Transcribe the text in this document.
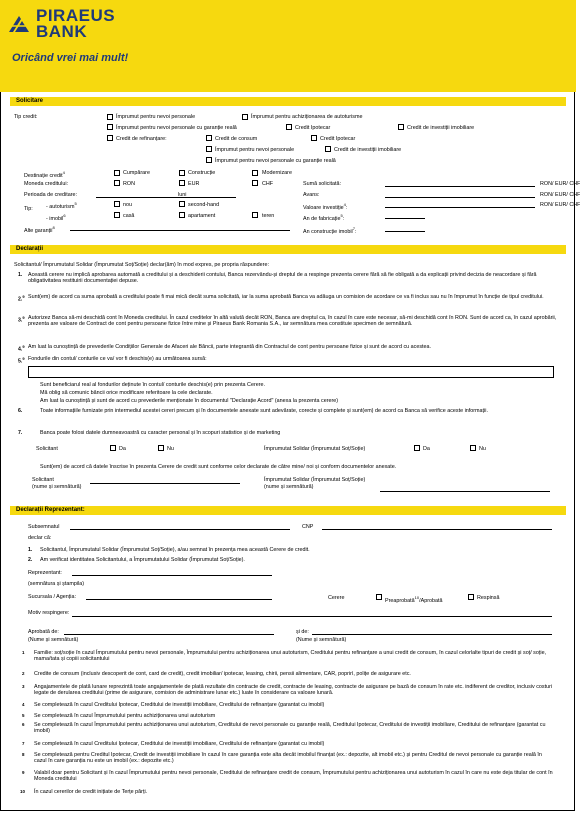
PIRAEUS
BANK
Oricând vrei mai mult!
Solicitare
Tip credit:	Împrumut pentru nevoi personale	Împrumut pentru achiziționarea de autoturisme
Împrumut pentru nevoi personale cu garanție reală	Credit Ipotecar	Credit de investiții imobiliare
Credit de refinanțare:	Credit de consum	Credit Ipotecar
Împrumut pentru nevoi personale	Credit de investiții imobiliare
Împrumut pentru nevoi personale cu garanție reală
Destinație credit$^4$	Cumpărare	Construcție	Modernizare
Moneda creditului:	RON	EUR	CHF
Perioada de creditare:	luni
Tip: - autoturism$^5$	nou	second-hand
- imobil$^6$	casă	apartament	teren
Alte garanții$^8$
Sumă solicitată:	RON/ EUR/ CHF
Avans:	RON/ EUR/ CHF
Valoare investiție$^4$:	RON/ EUR/ CHF
An de fabricație$^5$:
An construcție imobil$^7$:
Declarații
Solicitantul/ Împrumutatul Solidar (Împrumutat Soț/Soție) declar(ăm) în mod expres, pe propria răspundere:
1. Această cerere nu implică aprobarea automată a creditului și a deschiderii contului, Banca rezervându-și dreptul de a respinge prezenta cerere fără să fie obligată a da explicații privind decizia de neacordare și fără obligativitatea restituirii documentației depuse.
2.$^9$ Sunt(em) de acord ca suma aprobată a creditului poate fi mai mică decât suma solicitată, iar la suma aprobată Banca va adăuga un comision de acordare ce va fi inclus sau nu în împrumut în funcție de tipul creditului.
3.$^9$ Autorizez Banca să-mi deschidă cont în Moneda creditului. În cazul creditelor în altă valută decât RON, Banca are dreptul ca, în cazul în care este necesar, să-mi deschidă cont în RON. Sunt de acord ca, în cazul aprobării, prezenta are valoare de Contract de cont pentru persoane fizice între mine și Piraeus Bank Romania S.A., iar semnătura mea constituie specimen de semnătură.
4.$^9$ Am luat la cunoștință de prevederile Condițiilor Generale de Afaceri ale Băncii, parte integrantă din Contractul de cont pentru persoane fizice și sunt de acord cu acestea.
5.$^9$ Fondurile din contul/ conturile ce va/ vor fi deschis(e) au următoarea sursă:
Sunt beneficiarul real al fondurilor deținute în contul/ conturile deschis(e) prin prezenta Cerere.
Mă oblig să comunic băncii orice modificare referitoare la cele declarate.
Am luat la cunoștință și sunt de acord cu prevederile menționate în documentul "Declarație Acord" (anexa la prezenta cerere)
6.	Toate informațiile furnizate prin intermediul acestei cereri precum și în documentele anexate sunt adevărate, corecte și complete și sunt(em) de acord ca Banca să verifice aceste informații.
7.	Banca poate folosi datele dumneavoastră cu caracter personal și în scopuri statistice și de marketing
Solicitant	Da	Nu	Împrumutat Solidar (Împrumutat Soț/Soție)	Da	Nu
Sunt(em) de acord că datele înscrise în prezenta Cerere de credit sunt conforme celor declarate de către mine/ noi și conform documentelor anexate.
Solicitant
(nume și semnătură)
Împrumutat Solidar (Împrumutat Soț/Soție)
(nume și semnătură)
Declarații Reprezentant:
Subsemnatul	CNP
declar că:
1. Solicitantul, Împrumutatul Solidar (Împrumutat Soț/Soție), a/au semnat în prezența mea această Cerere de credit.
2. Am verificat identitatea Solicitantului, a Împrumutatului Solidar (Împrumutat Soț/Soție).
Reprezentant:
(semnătura și ștampila)
Sucursala / Agenția:	Cerere	Preaprobată$^{10}$/Aprobată	Respinsă
Motiv respingere:
Aprobată de:
(Nume și semnătură)
și de:
(Nume și semnătură)
1 Familie: soț/soție în cazul Împrumutului pentru nevoi personale, Împrumutului pentru achiziționarea unui autoturism, Creditului pentru refinanțare a unui credit de consum, în cazul celorlalte tipuri de credit și soț/ soție, mama/tata și copiii solicitantului
2 Credite de consum (inclusiv descoperit de cont, card de credit), credit imobiliar/ ipotecar, leasing, chirii, pensii alimentare, CAR, poprirì, polițe de asigurare etc.
3 Angajamentele de plată lunare reprezintă toate angajamentele de plată rezultate din contracte de credit, contracte de leasing, contracte de asigurare pe bază de consum în rate etc. indiferent de creditor, inclusiv costuri legate de derularea creditului (prime de asigurare, comision de administrare lunar etc.) luate în considerare ca valoare lunară.
4 Se completează în cazul Creditului Ipotecar, Creditului de investiții imobiliare, Creditului de refinanțare (garantat cu imobil)
5 Se completează în cazul Împrumutului pentru achiziționarea unui autoturism
6 Se completează în cazul Împrumutului pentru achiziționarea unui autoturism, Creditului de nevoi personale cu garanție reală, Creditului Ipotecar, Creditului de investiții imobiliare, Creditului de refinanțare (garantat cu imobil)
7 Se completează în cazul Creditului Ipotecar, Creditului de investiții imobiliare, Creditului de refinanțare (garantat cu imobil)
8 Se completează pentru Creditul Ipotecar, Credit de investiții imobiliare în cazul în care garanția este alta decât imobilul finanțat (ex.: depozite, alt imobil etc.) și pentru Creditul de nevoi personale cu garanție reală în cazul în care garanția nu este un imobil (ex.: depozite etc.)
9 Valabil doar pentru Solicitant și în cazul Împrumutului pentru nevoi personale, Creditului de refinanțare credit de consum, Împrumutului pentru achiziționarea unui autoturism în cazul în care nu este deja titular de cont în Moneda creditului
10 În cazul cererilor de credit inițiate de Terțe părți.
